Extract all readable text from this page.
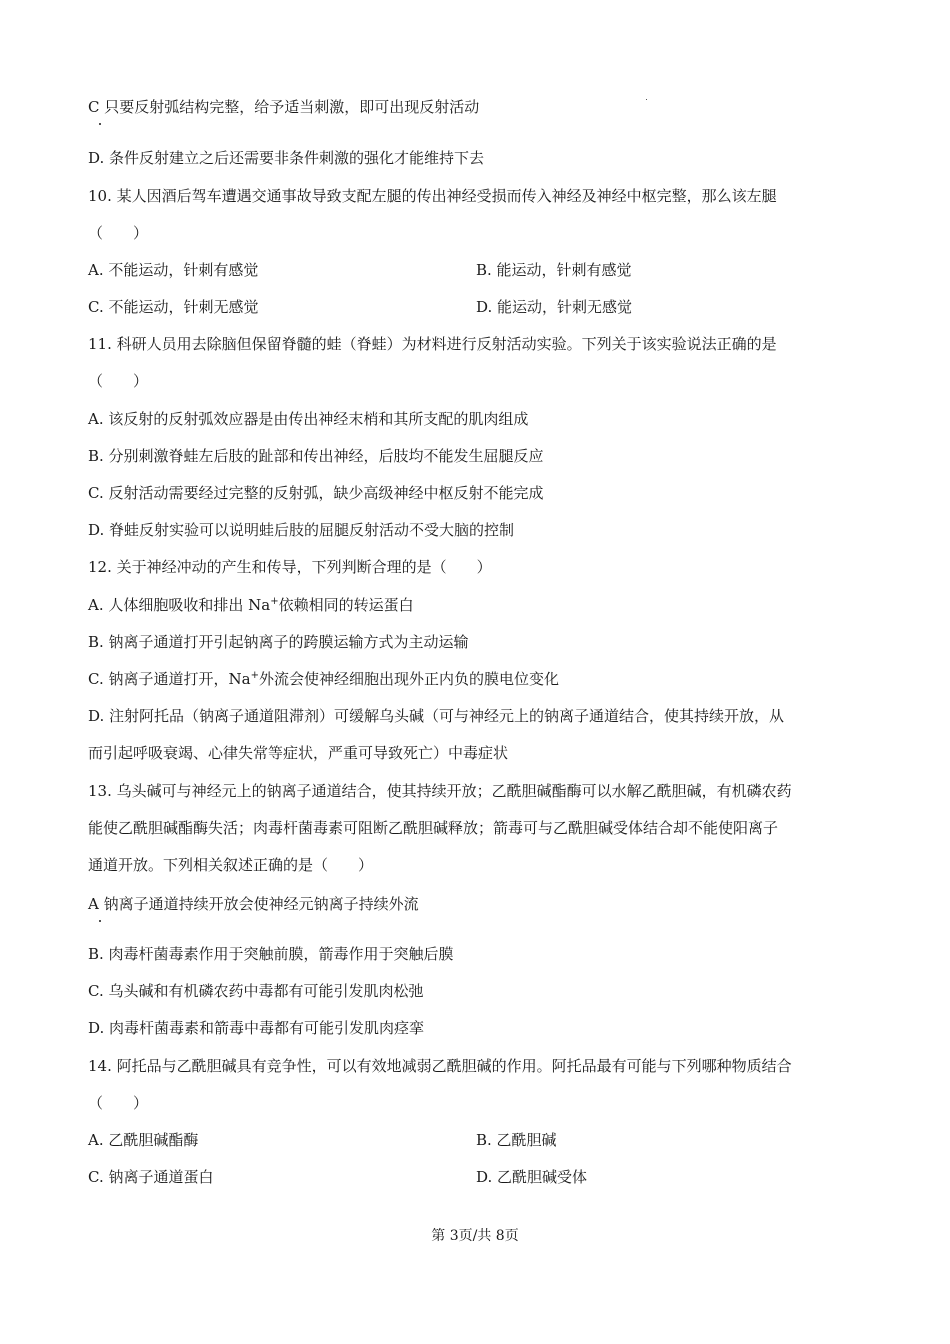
C 只要反射弧结构完整，给予适当刺激，即可出现反射活动
D. 条件反射建立之后还需要非条件刺激的强化才能维持下去
10. 某人因酒后驾车遭遇交通事故导致支配左腿的传出神经受损而传入神经及神经中枢完整，那么该左腿
（　　）
A. 不能运动，针刺有感觉	B. 能运动，针刺有感觉
C. 不能运动，针刺无感觉	D. 能运动，针刺无感觉
11. 科研人员用去除脑但保留脊髓的蛙（脊蛙）为材料进行反射活动实验。下列关于该实验说法正确的是
（　　）
A. 该反射的反射弧效应器是由传出神经末梢和其所支配的肌肉组成
B. 分别刺激脊蛙左后肢的趾部和传出神经，后肢均不能发生屈腿反应
C. 反射活动需要经过完整的反射弧，缺少高级神经中枢反射不能完成
D. 脊蛙反射实验可以说明蛙后肢的屈腿反射活动不受大脑的控制
12. 关于神经冲动的产生和传导，下列判断合理的是（　　）
A. 人体细胞吸收和排出 Na+依赖相同的转运蛋白
B. 钠离子通道打开引起钠离子的跨膜运输方式为主动运输
C. 钠离子通道打开，Na+外流会使神经细胞出现外正内负的膜电位变化
D. 注射阿托品（钠离子通道阻滞剂）可缓解乌头碱（可与神经元上的钠离子通道结合，使其持续开放，从
而引起呼吸衰竭、心律失常等症状，严重可导致死亡）中毒症状
13. 乌头碱可与神经元上的钠离子通道结合，使其持续开放；乙酰胆碱酯酶可以水解乙酰胆碱，有机磷农药
能使乙酰胆碱酯酶失活；肉毒杆菌毒素可阻断乙酰胆碱释放；箭毒可与乙酰胆碱受体结合却不能使阳离子
通道开放。下列相关叙述正确的是（　　）
A 钠离子通道持续开放会使神经元钠离子持续外流
B. 肉毒杆菌毒素作用于突触前膜，箭毒作用于突触后膜
C. 乌头碱和有机磷农药中毒都有可能引发肌肉松弛
D. 肉毒杆菌毒素和箭毒中毒都有可能引发肌肉痉挛
14. 阿托品与乙酰胆碱具有竞争性，可以有效地减弱乙酰胆碱的作用。阿托品最有可能与下列哪种物质结合
（　　）
A. 乙酰胆碱酯酶	B. 乙酰胆碱
C. 钠离子通道蛋白	D. 乙酰胆碱受体
第 3页/共 8页
